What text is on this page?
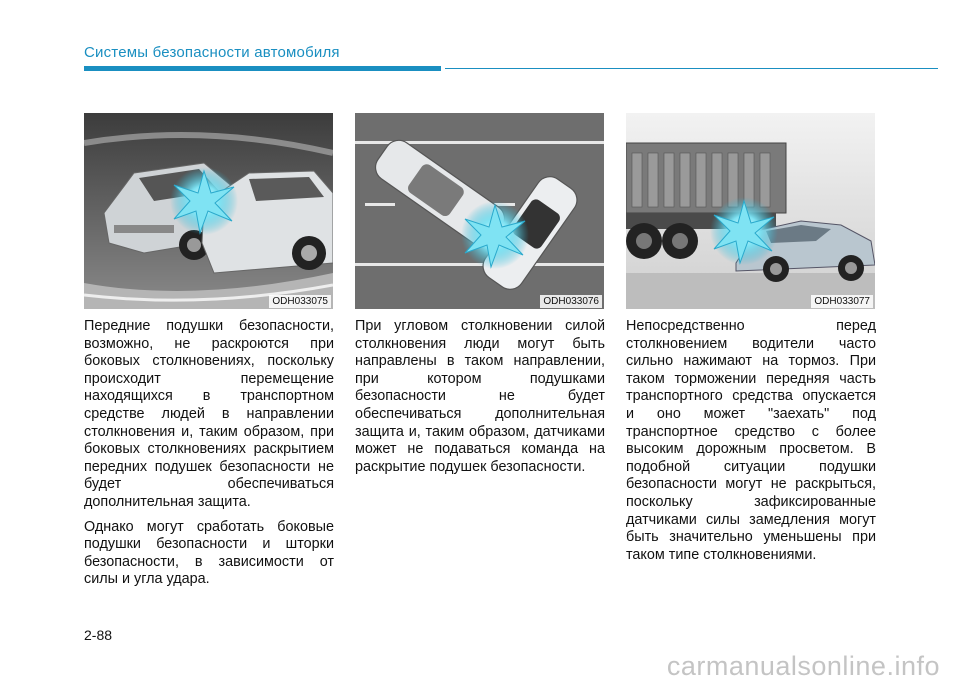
Системы безопасности автомобиля
ODH033075	ODH033076	ODH033077

Передние подушки безопасности, возможно, не раскроются при боковых столкновениях, поскольку происходит перемещение находящихся в транспортном средстве людей в направлении столкновения и, таким образом, при боковых столкновениях раскрытием передних подушек безопасности не будет обеспечиваться дополнительная защита.

Однако могут сработать боковые подушки безопасности и шторки безопасности, в зависимости от силы и угла удара.

При угловом столкновении силой столкновения люди могут быть направлены в таком направлении, при котором подушками безопасности не будет обеспечиваться дополнительная защита и, таким образом, датчиками может не подаваться команда на раскрытие подушек безопасности.

Непосредственно перед столкновением водители часто сильно нажимают на тормоз. При таком торможении передняя часть транспортного средства опускается и оно может "заехать" под транспортное средство с более высоким дорожным просветом. В подобной ситуации подушки безопасности могут не раскрыться, поскольку зафиксированные датчиками силы замедления могут быть значительно уменьшены при таком типе столкновениями.

2-88
carmanualsonline.info
